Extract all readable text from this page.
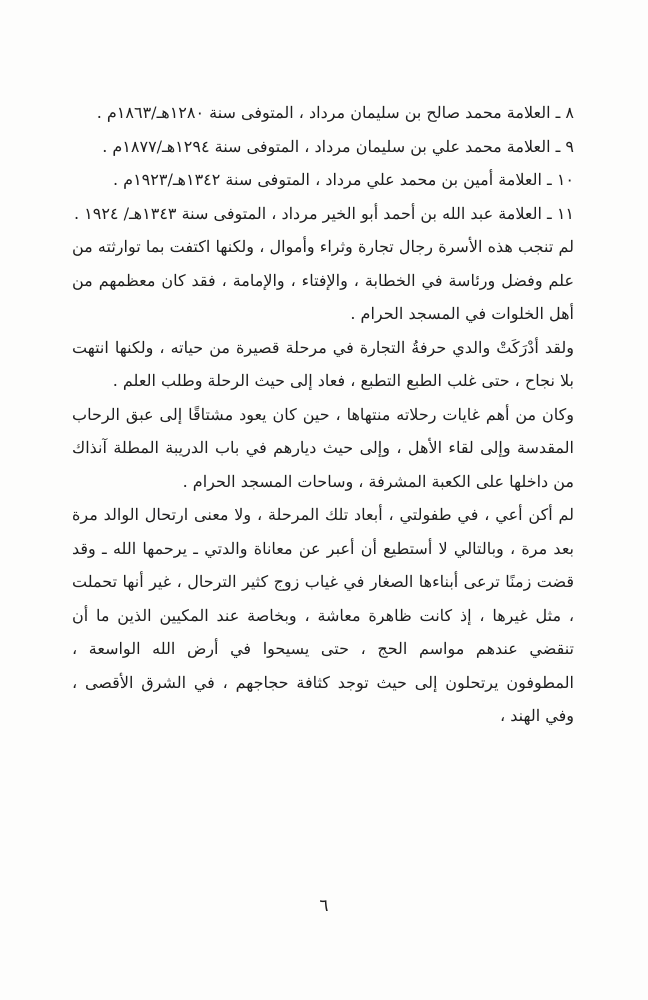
٨ ـ العلامة محمد صالح بن سليمان مرداد ، المتوفى سنة ١٢٨٠هـ/١٨٦٣م .
٩ ـ العلامة محمد علي بن سليمان مرداد ، المتوفى سنة ١٢٩٤هـ/١٨٧٧م .
١٠ ـ العلامة أمين بن محمد علي مرداد ، المتوفى سنة ١٣٤٢هـ/١٩٢٣م .
١١ ـ العلامة عبد الله بن أحمد أبو الخير مرداد ، المتوفى سنة ١٣٤٣هـ/ ١٩٢٤ .
لم تنجب هذه الأسرة رجال تجارة وثراء وأموال ، ولكنها اكتفت بما توارثته من علم وفضل ورئاسة في الخطابة ، والإفتاء ، والإمامة ، فقد كان معظمهم من أهل الخلوات في المسجد الحرام .
ولقد أدْرَكَتْ والدي حرفةُ التجارة في مرحلة قصيرة من حياته ، ولكنها انتهت بلا نجاح ، حتى غلب الطبع التطبع ، فعاد إلى حيث الرحلة وطلب العلم .
وكان من أهم غايات رحلاته منتهاها ، حين كان يعود مشتاقًا إلى عبق الرحاب المقدسة وإلى لقاء الأهل ، وإلى حيث ديارهم في باب الدريبة المطلة آنذاك من داخلها على الكعبة المشرفة ، وساحات المسجد الحرام .
لم أكن أعي ، في طفولتي ، أبعاد تلك المرحلة ، ولا معنى ارتحال الوالد مرة بعد مرة ، وبالتالي لا أستطيع أن أعبر عن معاناة والدتي ـ يرحمها الله ـ وقد قضت زمنًا ترعى أبناءها الصغار في غياب زوج كثير الترحال ، غير أنها تحملت ، مثل غيرها ، إذ كانت ظاهرة معاشة ، وبخاصة عند المكيين الذين ما أن تنقضي عندهم مواسم الحج ، حتى يسيحوا في أرض الله الواسعة ، المطوفون يرتحلون إلى حيث توجد كثافة حجاجهم ، في الشرق الأقصى ، وفي الهند ،
٦
